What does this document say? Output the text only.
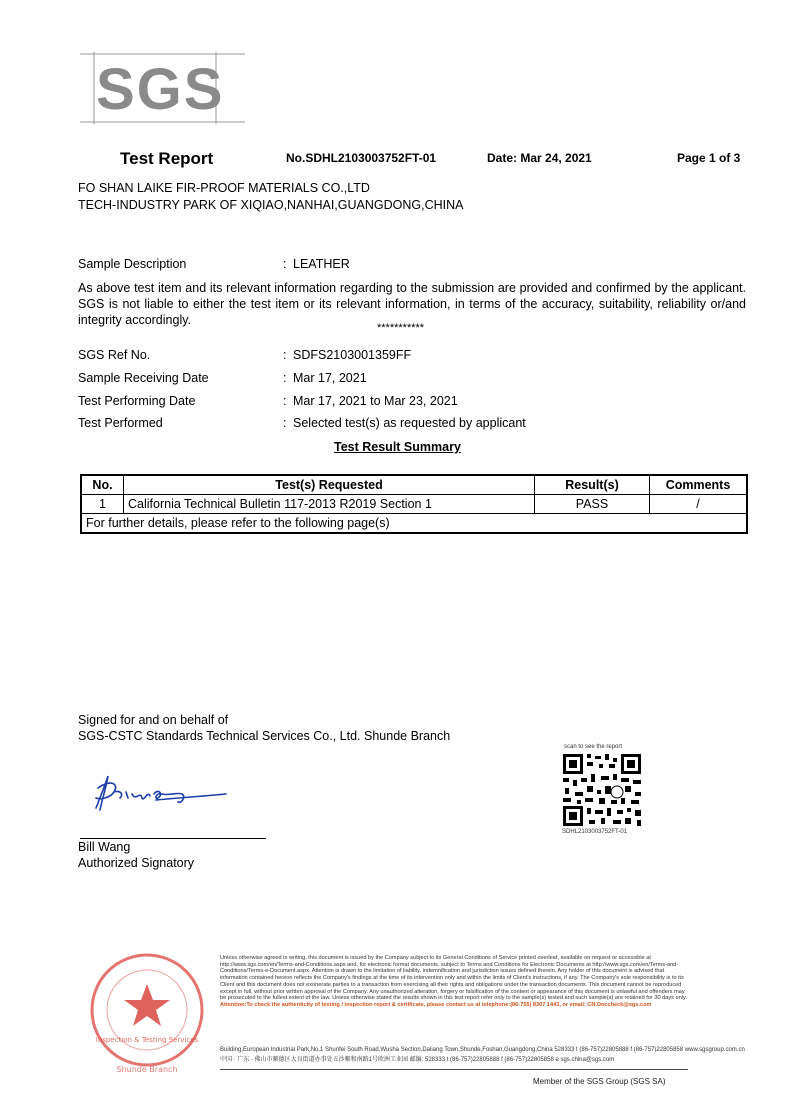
SGS
Test Report	No.SDHL2103003752FT-01	Date: Mar 24, 2021	Page 1 of 3
FO SHAN LAIKE FIR-PROOF MATERIALS CO.,LTD
TECH-INDUSTRY PARK OF XIQIAO,NANHAI,GUANGDONG,CHINA
Sample Description	: LEATHER
As above test item and its relevant information regarding to the submission are provided and confirmed by the applicant. SGS is not liable to either the test item or its relevant information, in terms of the accuracy, suitability, reliability or/and integrity accordingly.
***********
SGS Ref No.	: SDFS2103001359FF
Sample Receiving Date	: Mar 17, 2021
Test Performing Date	: Mar 17, 2021 to Mar 23, 2021
Test Performed	: Selected test(s) as requested by applicant
Test Result Summary
No.	Test(s) Requested	Result(s)	Comments
1	California Technical Bulletin 117-2013 R2019 Section 1	PASS	/
For further details, please refer to the following page(s)			
Signed for and on behalf of
SGS-CSTC Standards Technical Services Co., Ltd. Shunde Branch
Bill Wang
Authorized Signatory
scan to see the report
SDHL2103003752FT-01
Inspection & Testing Services
Shunde Branch
Unless otherwise agreed in writing, this document is issued by the Company subject to its General Conditions of Service printed overleaf, available on request or accessible at http://www.sgs.com/en/Terms-and-Conditions.aspx and, for electronic format documents, subject to Terms and Conditions for Electronic Documents at http://www.sgs.com/en/Terms-and-Conditions/Terms-e-Document.aspx. Attention is drawn to the limitation of liability, indemnification and jurisdiction issues defined therein. Any holder of this document is advised that information contained hereon reflects the Company's findings at the time of its intervention only and within the limits of Client's instructions, if any. The Company's sole responsibility is to its Client and this document does not exonerate parties to a transaction from exercising all their rights and obligations under the transaction documents. This document cannot be reproduced except in full, without prior written approval of the Company. Any unauthorized alteration, forgery or falsification of the content or appearance of this document is unlawful and offenders may be prosecuted to the fullest extent of the law. Unless otherwise stated the results shown in this test report refer only to the sample(s) tested and such sample(s) are retained for 30 days only. Attention:To check the authenticity of testing / inspection report & certificate, please contact us at telephone:(86-755) 8307 1443, or email: CN.Doccheck@sgs.com
Building,European Industrial Park,No.1 Shunfei South Road,Wusha Section,Daliang Town,Shunde,Foshan,Guangdong,China 528333 t (86-757)22805888 f (86-757)22805858 www.sgsgroup.com.cn
中国 · 广东 · 佛山市顺德区大良街道办事处五沙顺和南路1号欧洲工业园 邮编: 528333 t (86-757)22805888 f (86-757)22805858 e sgs.china@sgs.com
Member of the SGS Group (SGS SA)
